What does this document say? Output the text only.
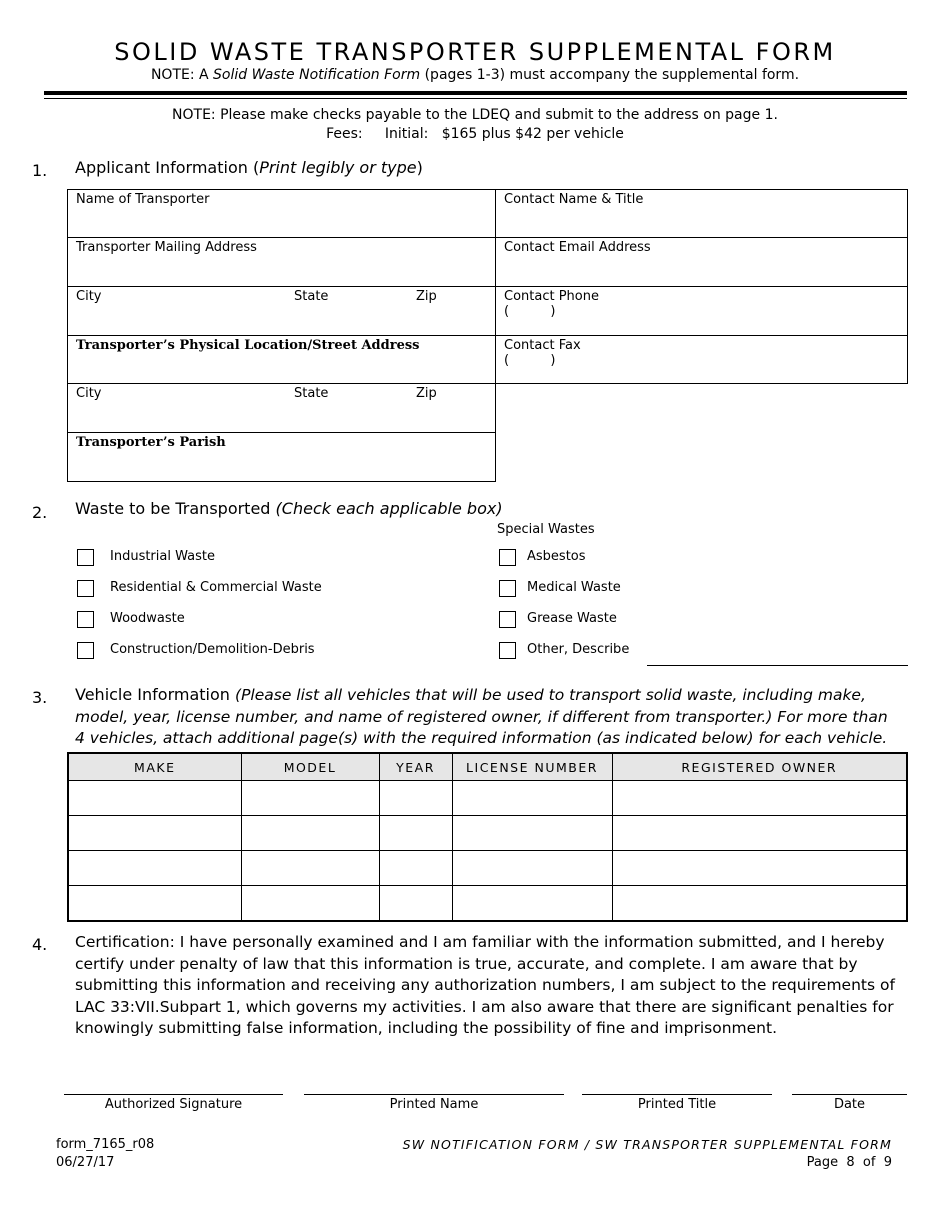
SOLID WASTE TRANSPORTER SUPPLEMENTAL FORM
NOTE: A Solid Waste Notification Form (pages 1-3) must accompany the supplemental form.
NOTE: Please make checks payable to the LDEQ and submit to the address on page 1.
Fees: Initial: $165 plus $42 per vehicle
1. Applicant Information (Print legibly or type)
Name of Transporter	Contact Name & Title
Transporter Mailing Address	Contact Email Address
City	State	Zip	Contact Phone
(          )
Transporter’s Physical Location/Street Address	Contact Fax
(          )
City	State	Zip
Transporter’s Parish
2. Waste to be Transported (Check each applicable box)
Special Wastes
Industrial Waste
Residential & Commercial Waste
Woodwaste
Construction/Demolition-Debris
Asbestos
Medical Waste
Grease Waste
Other, Describe
3. Vehicle Information (Please list all vehicles that will be used to transport solid waste, including make, model, year, license number, and name of registered owner, if different from transporter.) For more than 4 vehicles, attach additional page(s) with the required information (as indicated below) for each vehicle.
MAKE	MODEL	YEAR	LICENSE NUMBER	REGISTERED OWNER

4. Certification: I have personally examined and I am familiar with the information submitted, and I hereby certify under penalty of law that this information is true, accurate, and complete. I am aware that by submitting this information and receiving any authorization numbers, I am subject to the requirements of LAC 33:VII.Subpart 1, which governs my activities. I am also aware that there are significant penalties for knowingly submitting false information, including the possibility of fine and imprisonment.
Authorized Signature	Printed Name	Printed Title	Date
form_7165_r08
06/27/17
SW NOTIFICATION FORM / SW TRANSPORTER SUPPLEMENTAL FORM
Page  8  of  9
